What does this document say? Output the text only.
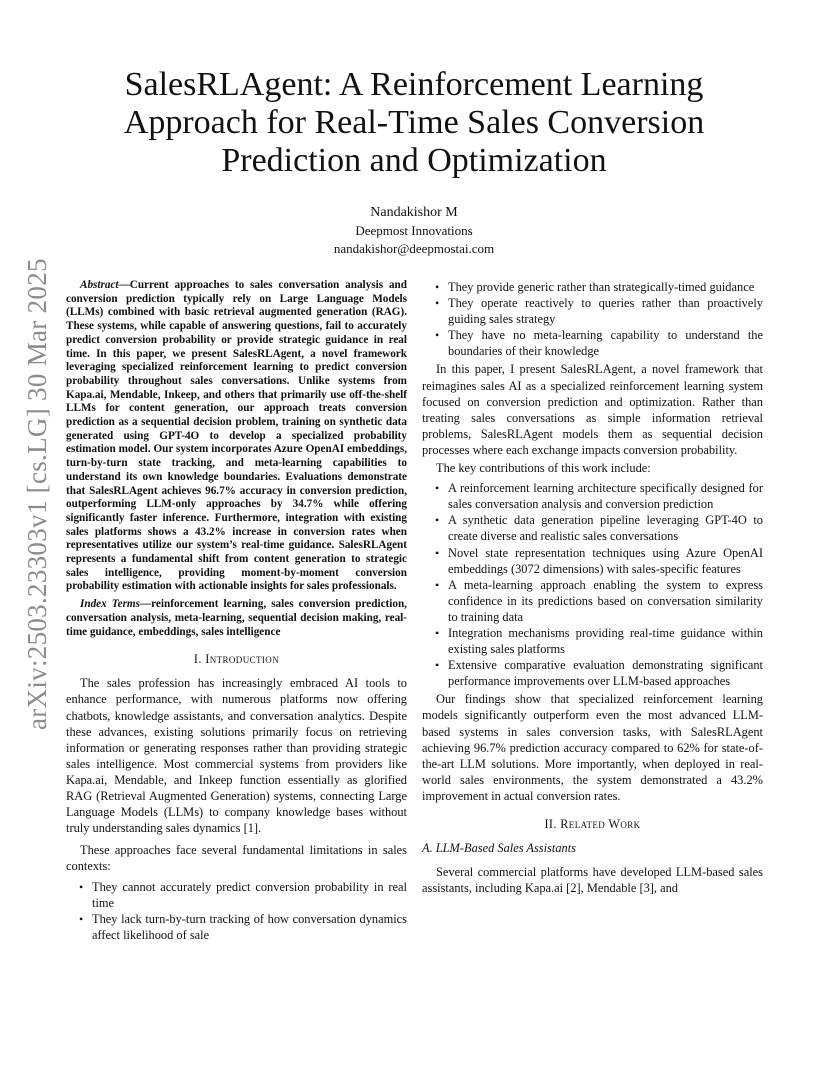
arXiv:2503.23303v1 [cs.LG] 30 Mar 2025
SalesRLAgent: A Reinforcement Learning
Approach for Real-Time Sales Conversion
Prediction and Optimization
Nandakishor M
Deepmost Innovations
nandakishor@deepmostai.com

Abstract—Current approaches to sales conversation analysis and conversion prediction typically rely on Large Language Models (LLMs) combined with basic retrieval augmented generation (RAG). These systems, while capable of answering questions, fail to accurately predict conversion probability or provide strategic guidance in real time. In this paper, we present SalesRLAgent, a novel framework leveraging specialized reinforcement learning to predict conversion probability throughout sales conversations. Unlike systems from Kapa.ai, Mendable, Inkeep, and others that primarily use off-the-shelf LLMs for content generation, our approach treats conversion prediction as a sequential decision problem, training on synthetic data generated using GPT-4O to develop a specialized probability estimation model. Our system incorporates Azure OpenAI embeddings, turn-by-turn state tracking, and meta-learning capabilities to understand its own knowledge boundaries. Evaluations demonstrate that SalesRLAgent achieves 96.7% accuracy in conversion prediction, outperforming LLM-only approaches by 34.7% while offering significantly faster inference. Furthermore, integration with existing sales platforms shows a 43.2% increase in conversion rates when representatives utilize our system’s real-time guidance. SalesRLAgent represents a fundamental shift from content generation to strategic sales intelligence, providing moment-by-moment conversion probability estimation with actionable insights for sales professionals.

Index Terms—reinforcement learning, sales conversion prediction, conversation analysis, meta-learning, sequential decision making, real-time guidance, embeddings, sales intelligence

I. Introduction

The sales profession has increasingly embraced AI tools to enhance performance, with numerous platforms now offering chatbots, knowledge assistants, and conversation analytics. Despite these advances, existing solutions primarily focus on retrieving information or generating responses rather than providing strategic sales intelligence. Most commercial systems from providers like Kapa.ai, Mendable, and Inkeep function essentially as glorified RAG (Retrieval Augmented Generation) systems, connecting Large Language Models (LLMs) to company knowledge bases without truly understanding sales dynamics [1].

These approaches face several fundamental limitations in sales contexts:

• They cannot accurately predict conversion probability in real time
• They lack turn-by-turn tracking of how conversation dynamics affect likelihood of sale
• They provide generic rather than strategically-timed guidance
• They operate reactively to queries rather than proactively guiding sales strategy
• They have no meta-learning capability to understand the boundaries of their knowledge

In this paper, I present SalesRLAgent, a novel framework that reimagines sales AI as a specialized reinforcement learning system focused on conversion prediction and optimization. Rather than treating sales conversations as simple information retrieval problems, SalesRLAgent models them as sequential decision processes where each exchange impacts conversion probability.

The key contributions of this work include:

• A reinforcement learning architecture specifically designed for sales conversation analysis and conversion prediction
• A synthetic data generation pipeline leveraging GPT-4O to create diverse and realistic sales conversations
• Novel state representation techniques using Azure OpenAI embeddings (3072 dimensions) with sales-specific features
• A meta-learning approach enabling the system to express confidence in its predictions based on conversation similarity to training data
• Integration mechanisms providing real-time guidance within existing sales platforms
• Extensive comparative evaluation demonstrating significant performance improvements over LLM-based approaches

Our findings show that specialized reinforcement learning models significantly outperform even the most advanced LLM-based systems in sales conversion tasks, with SalesRLAgent achieving 96.7% prediction accuracy compared to 62% for state-of-the-art LLM solutions. More importantly, when deployed in real-world sales environments, the system demonstrated a 43.2% improvement in actual conversion rates.

II. Related Work
A. LLM-Based Sales Assistants

Several commercial platforms have developed LLM-based sales assistants, including Kapa.ai [2], Mendable [3], and
